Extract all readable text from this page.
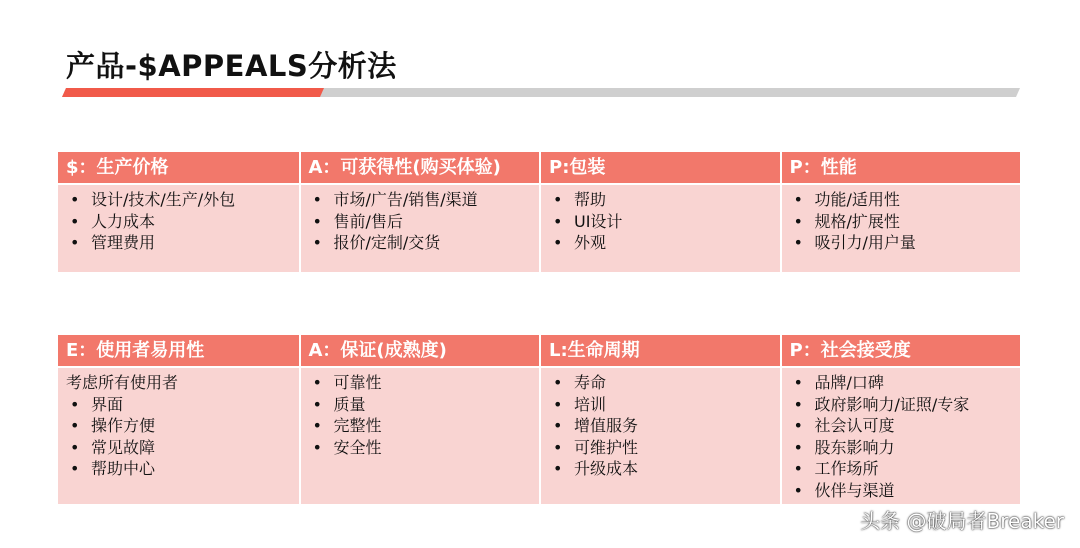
产品-$APPEALS分析法
$：生产价格
• 设计/技术/生产/外包
• 人力成本
• 管理费用
A：可获得性(购买体验)
• 市场/广告/销售/渠道
• 售前/售后
• 报价/定制/交货
P:包装
• 帮助
• UI设计
• 外观
P：性能
• 功能/适用性
• 规格/扩展性
• 吸引力/用户量
E：使用者易用性
考虑所有使用者
• 界面
• 操作方便
• 常见故障
• 帮助中心
A：保证(成熟度)
• 可靠性
• 质量
• 完整性
• 安全性
L:生命周期
• 寿命
• 培训
• 增值服务
• 可维护性
• 升级成本
P：社会接受度
• 品牌/口碑
• 政府影响力/证照/专家
• 社会认可度
• 股东影响力
• 工作场所
• 伙伴与渠道
头条 @破局者Breaker
